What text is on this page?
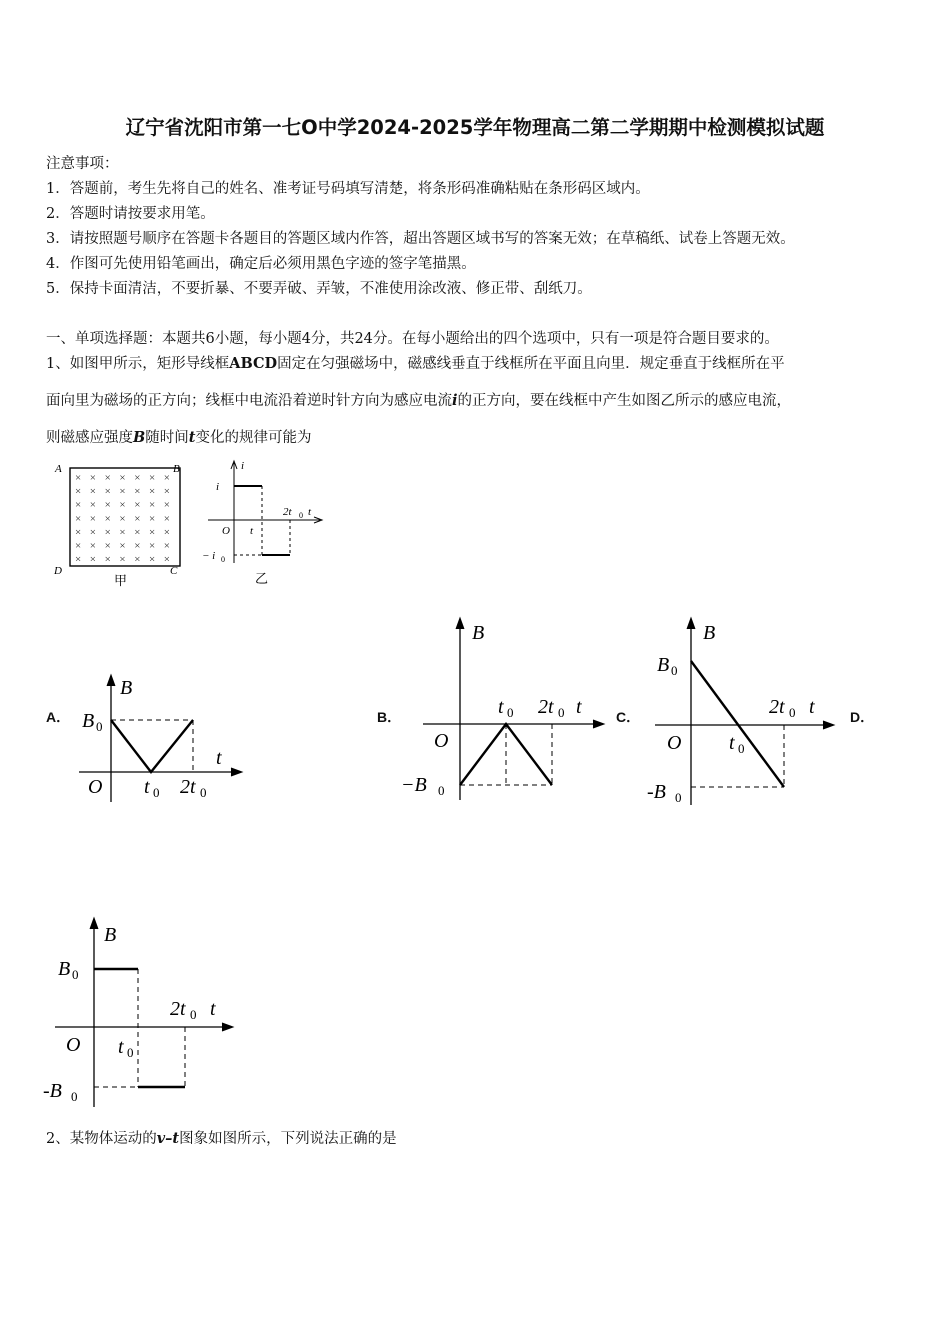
辽宁省沈阳市第一七O中学2024-2025学年物理高二第二学期期中检测模拟试题
注意事项：
1．答题前，考生先将自己的姓名、准考证号码填写清楚，将条形码准确粘贴在条形码区域内。
2．答题时请按要求用笔。
3．请按照题号顺序在答题卡各题目的答题区域内作答，超出答题区域书写的答案无效；在草稿纸、试卷上答题无效。
4．作图可先使用铅笔画出，确定后必须用黑色字迹的签字笔描黑。
5．保持卡面清洁，不要折暴、不要弄破、弄皱，不准使用涂改液、修正带、刮纸刀。
一、单项选择题：本题共6小题，每小题4分，共24分。在每小题给出的四个选项中，只有一项是符合题目要求的。
1、如图甲所示，矩形导线框ABCD固定在匀强磁场中，磁感线垂直于线框所在平面且向里．规定垂直于线框所在平
面向里为磁场的正方向；线框中电流沿着逆时针方向为感应电流i的正方向，要在线框中产生如图乙所示的感应电流，
则磁感应强度B随时间t变化的规律可能为
× × × × × × ×
× × × × × × ×
× × × × × × ×
× × × × × × ×
× × × × × × ×
× × × × × × ×
× × × × × × ×
A	B
C
D
甲
i
i
t
2t 0
O t
− i 0
乙
A．	B．	C．	D．
B
B 0
t
O t 0 2t 0
B
t 0 2t 0 t
O
−B 0
B
B 0
2t 0 t
O t 0
-B 0
B
B 0
2t 0 t
O t 0
-B 0
2、某物体运动的v–t图象如图所示，下列说法正确的是
